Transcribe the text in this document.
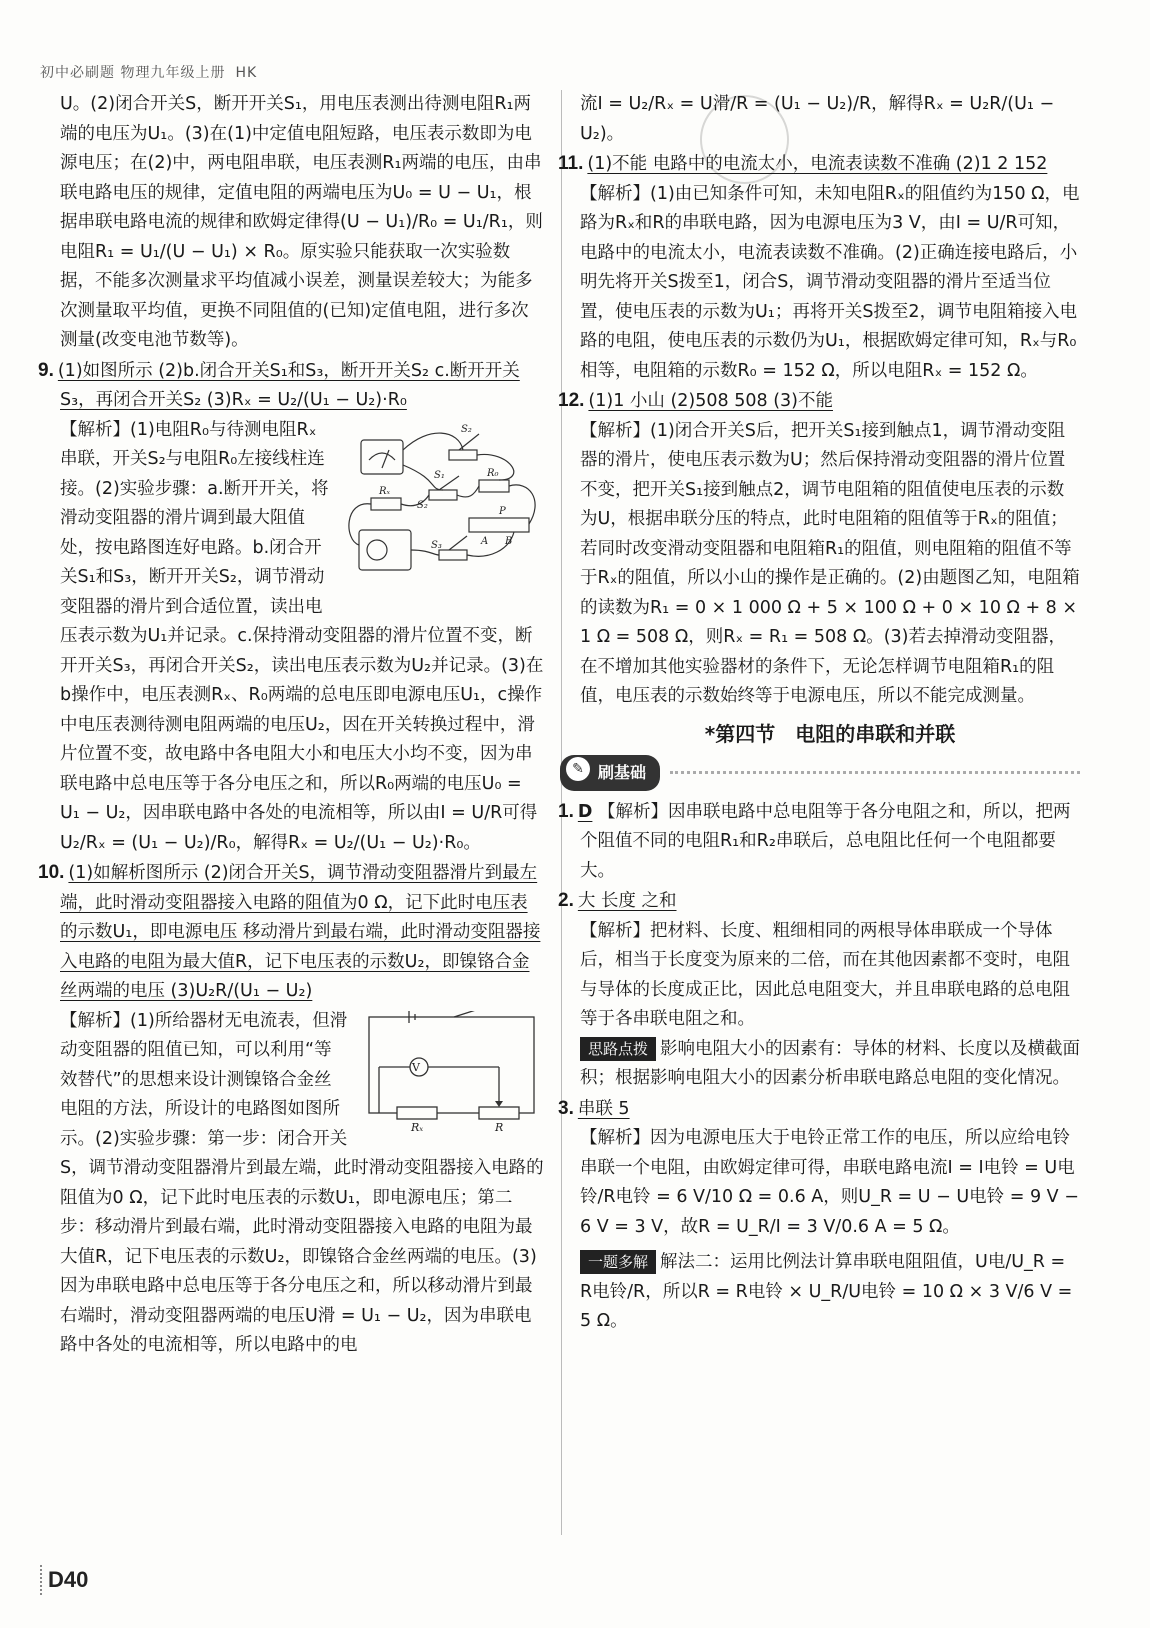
初中必刷题 物理九年级上册 HK

U。(2)闭合开关S，断开开关S₁，用电压表测出待测电阻R₁两端的电压为U₁。(3)在(1)中定值电阻短路，电压表示数即为电源电压；在(2)中，两电阻串联，电压表测R₁两端的电压，由串联电路电压的规律，定值电阻的两端电压为U₀ = U − U₁，根据串联电路电流的规律和欧姆定律得(U − U₁)/R₀ = U₁/R₁，则电阻R₁ = U₁/(U − U₁) × R₀。原实验只能获取一次实验数据，不能多次测量求平均值减小误差，测量误差较大；为能多次测量取平均值，更换不同阻值的(已知)定值电阻，进行多次测量(改变电池节数等)。

9. (1)如图所示 (2)b.闭合开关S₁和S₃，断开开关S₂ c.断开开关S₃，再闭合开关S₂ (3)Rₓ = U₂/(U₁ − U₂)·R₀

S₂
S₁
S₂
R₀
Rₓ
P
A B
S₃

【解析】(1)电阻R₀与待测电阻Rₓ串联，开关S₂与电阻R₀左接线柱连接。(2)实验步骤：a.断开开关，将滑动变阻器的滑片调到最大阻值处，按电路图连好电路。b.闭合开关S₁和S₃，断开开关S₂，调节滑动变阻器的滑片到合适位置，读出电压表示数为U₁并记录。c.保持滑动变阻器的滑片位置不变，断开开关S₃，再闭合开关S₂，读出电压表示数为U₂并记录。(3)在b操作中，电压表测Rₓ、R₀两端的总电压即电源电压U₁，c操作中电压表测待测电阻两端的电压U₂，因在开关转换过程中，滑片位置不变，故电路中各电阻大小和电压大小均不变，因为串联电路中总电压等于各分电压之和，所以R₀两端的电压U₀ = U₁ − U₂，因串联电路中各处的电流相等，所以由I = U/R可得U₂/Rₓ = (U₁ − U₂)/R₀，解得Rₓ = U₂/(U₁ − U₂)·R₀。

10. (1)如解析图所示 (2)闭合开关S，调节滑动变阻器滑片到最左端，此时滑动变阻器接入电路的阻值为0 Ω，记下此时电压表的示数U₁，即电源电压 移动滑片到最右端，此时滑动变阻器接入电路的电阻为最大值R，记下电压表的示数U₂，即镍铬合金丝两端的电压 (3)U₂R/(U₁ − U₂)

V
Rₓ	R

【解析】(1)所给器材无电流表，但滑动变阻器的阻值已知，可以利用“等效替代”的思想来设计测镍铬合金丝电阻的方法，所设计的电路图如图所示。(2)实验步骤：第一步：闭合开关S，调节滑动变阻器滑片到最左端，此时滑动变阻器接入电路的阻值为0 Ω，记下此时电压表的示数U₁，即电源电压；第二步：移动滑片到最右端，此时滑动变阻器接入电路的电阻为最大值R，记下电压表的示数U₂，即镍铬合金丝两端的电压。(3)因为串联电路中总电压等于各分电压之和，所以移动滑片到最右端时，滑动变阻器两端的电压U滑 = U₁ − U₂，因为串联电路中各处的电流相等，所以电路中的电

流I = U₂/Rₓ = U滑/R = (U₁ − U₂)/R，解得Rₓ = U₂R/(U₁ − U₂)。

11. (1)不能 电路中的电流太小，电流表读数不准确 (2)1 2 152

【解析】(1)由已知条件可知，未知电阻Rₓ的阻值约为150 Ω，电路为Rₓ和R的串联电路，因为电源电压为3 V，由I = U/R可知，电路中的电流太小，电流表读数不准确。(2)正确连接电路后，小明先将开关S拨至1，闭合S，调节滑动变阻器的滑片至适当位置，使电压表的示数为U₁；再将开关S拨至2，调节电阻箱接入电路的电阻，使电压表的示数仍为U₁，根据欧姆定律可知，Rₓ与R₀相等，电阻箱的示数R₀ = 152 Ω，所以电阻Rₓ = 152 Ω。

12. (1)1 小山 (2)508 508 (3)不能

【解析】(1)闭合开关S后，把开关S₁接到触点1，调节滑动变阻器的滑片，使电压表示数为U；然后保持滑动变阻器的滑片位置不变，把开关S₁接到触点2，调节电阻箱的阻值使电压表的示数为U，根据串联分压的特点，此时电阻箱的阻值等于Rₓ的阻值；若同时改变滑动变阻器和电阻箱R₁的阻值，则电阻箱的阻值不等于Rₓ的阻值，所以小山的操作是正确的。(2)由题图乙知，电阻箱的读数为R₁ = 0 × 1 000 Ω + 5 × 100 Ω + 0 × 10 Ω + 8 × 1 Ω = 508 Ω，则Rₓ = R₁ = 508 Ω。(3)若去掉滑动变阻器，在不增加其他实验器材的条件下，无论怎样调节电阻箱R₁的阻值，电压表的示数始终等于电源电压，所以不能完成测量。

*第四节　电阻的串联和并联
✎ 刷基础

1. D 【解析】因串联电路中总电阻等于各分电阻之和，所以，把两个阻值不同的电阻R₁和R₂串联后，总电阻比任何一个电阻都要大。

2. 大 长度 之和

【解析】把材料、长度、粗细相同的两根导体串联成一个导体后，相当于长度变为原来的二倍，而在其他因素都不变时，电阻与导体的长度成正比，因此总电阻变大，并且串联电路的总电阻等于各串联电阻之和。

思路点拨 影响电阻大小的因素有：导体的材料、长度以及横截面积；根据影响电阻大小的因素分析串联电路总电阻的变化情况。

3. 串联 5

【解析】因为电源电压大于电铃正常工作的电压，所以应给电铃串联一个电阻，由欧姆定律可得，串联电路电流I = I电铃 = U电铃/R电铃 = 6 V/10 Ω = 0.6 A，则U_R = U − U电铃 = 9 V − 6 V = 3 V，故R = U_R/I = 3 V/0.6 A = 5 Ω。

一题多解 解法二：运用比例法计算串联电阻阻值，U电/U_R = R电铃/R，所以R = R电铃 × U_R/U电铃 = 10 Ω × 3 V/6 V = 5 Ω。

D40
